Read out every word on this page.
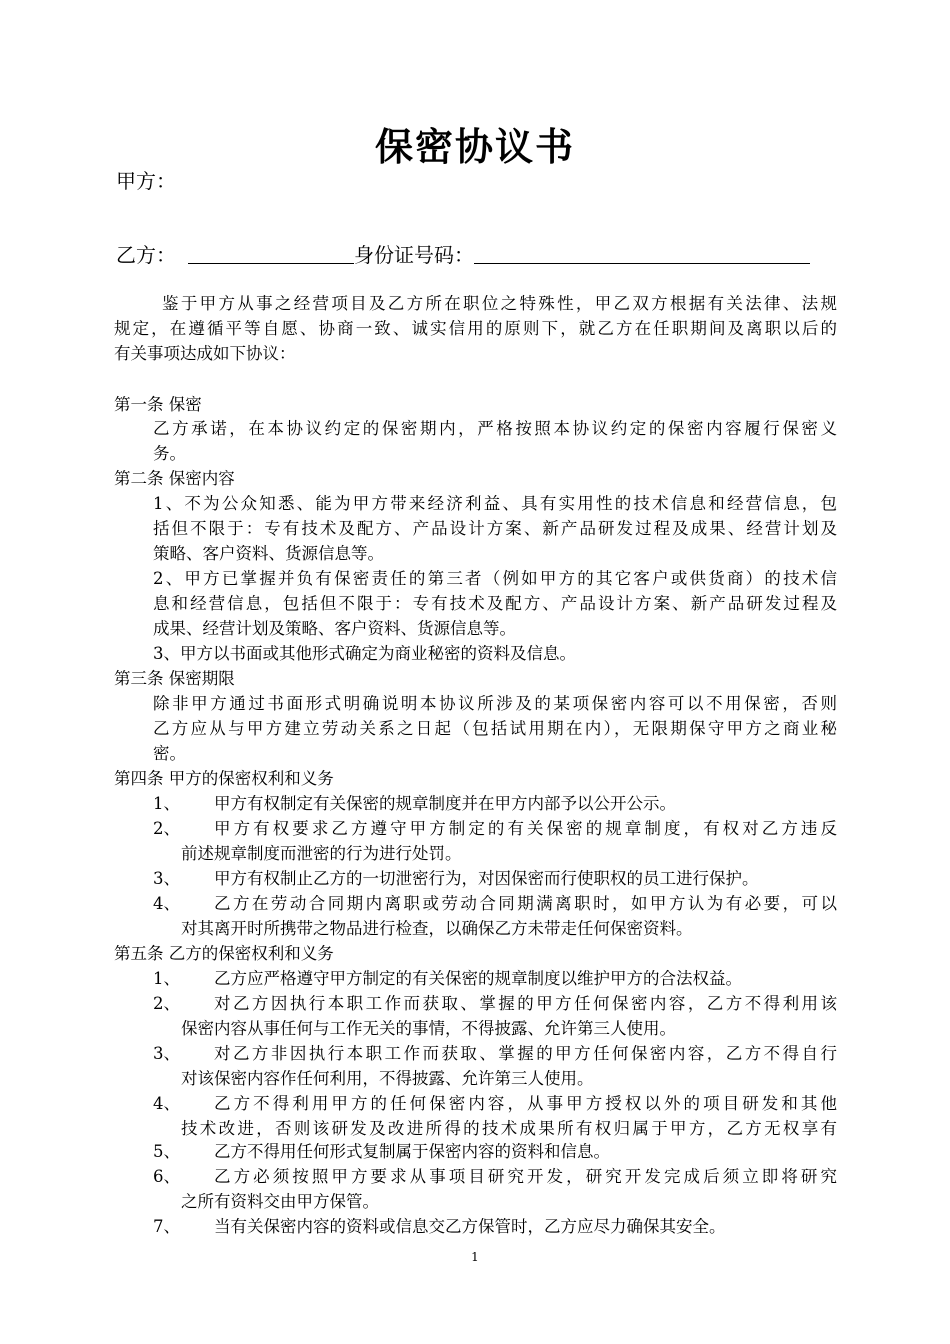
保密协议书
甲方：
乙方：	身份证号码：
鉴于甲方从事之经营项目及乙方所在职位之特殊性，甲乙双方根据有关法律、法规
规定，在遵循平等自愿、协商一致、诚实信用的原则下，就乙方在任职期间及离职以后的
有关事项达成如下协议：
第一条 保密
乙方承诺，在本协议约定的保密期内，严格按照本协议约定的保密内容履行保密义
务。
第二条 保密内容
1、不为公众知悉、能为甲方带来经济利益、具有实用性的技术信息和经营信息，包
括但不限于：专有技术及配方、产品设计方案、新产品研发过程及成果、经营计划及
策略、客户资料、货源信息等。
2、甲方已掌握并负有保密责任的第三者（例如甲方的其它客户或供货商）的技术信
息和经营信息，包括但不限于：专有技术及配方、产品设计方案、新产品研发过程及
成果、经营计划及策略、客户资料、货源信息等。
3、甲方以书面或其他形式确定为商业秘密的资料及信息。
第三条 保密期限
除非甲方通过书面形式明确说明本协议所涉及的某项保密内容可以不用保密，否则
乙方应从与甲方建立劳动关系之日起（包括试用期在内），无限期保守甲方之商业秘
密。
第四条 甲方的保密权利和义务
1、 甲方有权制定有关保密的规章制度并在甲方内部予以公开公示。
2、 甲方有权要求乙方遵守甲方制定的有关保密的规章制度，有权对乙方违反
前述规章制度而泄密的行为进行处罚。
3、 甲方有权制止乙方的一切泄密行为，对因保密而行使职权的员工进行保护。
4、 乙方在劳动合同期内离职或劳动合同期满离职时，如甲方认为有必要，可以
对其离开时所携带之物品进行检查，以确保乙方未带走任何保密资料。
第五条 乙方的保密权利和义务
1、 乙方应严格遵守甲方制定的有关保密的规章制度以维护甲方的合法权益。
2、 对乙方因执行本职工作而获取、掌握的甲方任何保密内容，乙方不得利用该
保密内容从事任何与工作无关的事情，不得披露、允许第三人使用。
3、 对乙方非因执行本职工作而获取、掌握的甲方任何保密内容，乙方不得自行
对该保密内容作任何利用，不得披露、允许第三人使用。
4、 乙方不得利用甲方的任何保密内容，从事甲方授权以外的项目研发和其他
技术改进，否则该研发及改进所得的技术成果所有权归属于甲方，乙方无权享有
5、 乙方不得用任何形式复制属于保密内容的资料和信息。
6、 乙方必须按照甲方要求从事项目研究开发，研究开发完成后须立即将研究
之所有资料交由甲方保管。
7、 当有关保密内容的资料或信息交乙方保管时，乙方应尽力确保其安全。
1
